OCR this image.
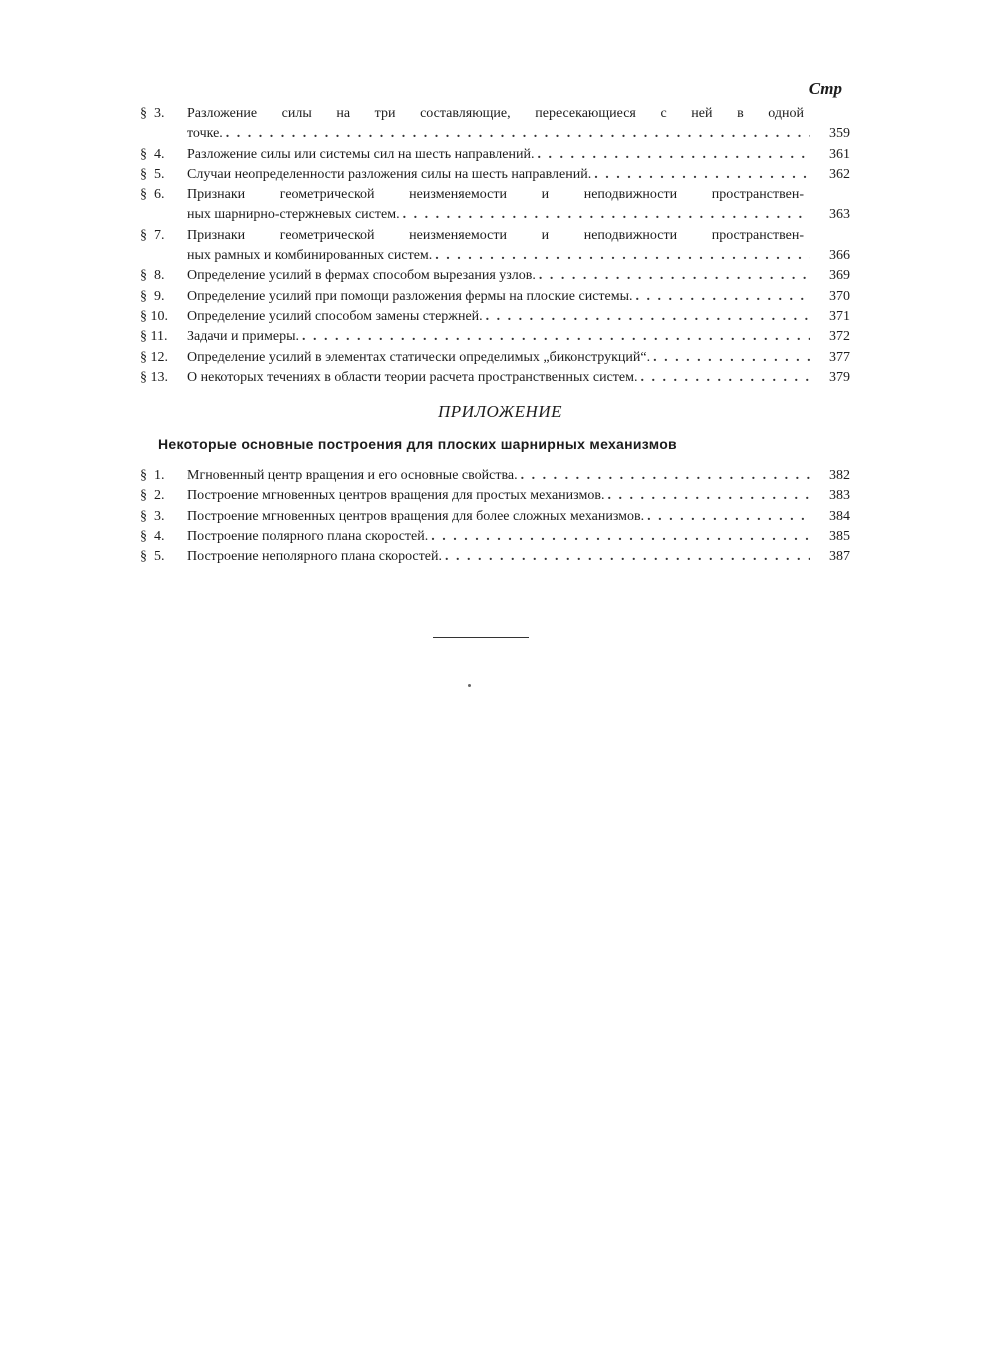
Стр
§  3.	Разложение силы на три составляющие, пересекающиеся с ней в одной
точке. . . .	359
§  4.	Разложение силы или системы сил на шесть направлений. . . .	361
§  5.	Случаи неопределенности разложения силы на шесть направлений. . . .	362
§  6.	Признаки геометрической неизменяемости и неподвижности пространствен-
ных шарнирно-стержневых систем. . . .	363
§  7.	Признаки геометрической неизменяемости и неподвижности пространствен-
ных рамных и комбинированных систем. . . .	366
§  8.	Определение усилий в фермах способом вырезания узлов. . . .	369
§  9.	Определение усилий при помощи разложения фермы на плоские системы. . . .	370
§ 10.	Определение усилий способом замены стержней. . . .	371
§ 11.	Задачи и примеры. . . .	372
§ 12.	Определение усилий в элементах статически определимых „биконструкций“. . . .	377
§ 13.	О некоторых течениях в области теории расчета пространственных систем. . . .	379
ПРИЛОЖЕНИЕ
Некоторые основные построения для плоских шарнирных механизмов
§  1.	Мгновенный центр вращения и его основные свойства. . . .	382
§  2.	Построение мгновенных центров вращения для простых механизмов. . . .	383
§  3.	Построение мгновенных центров вращения для более сложных механизмов. . . .	384
§  4.	Построение полярного плана скоростей. . . .	385
§  5.	Построение неполярного плана скоростей. . . .	387
